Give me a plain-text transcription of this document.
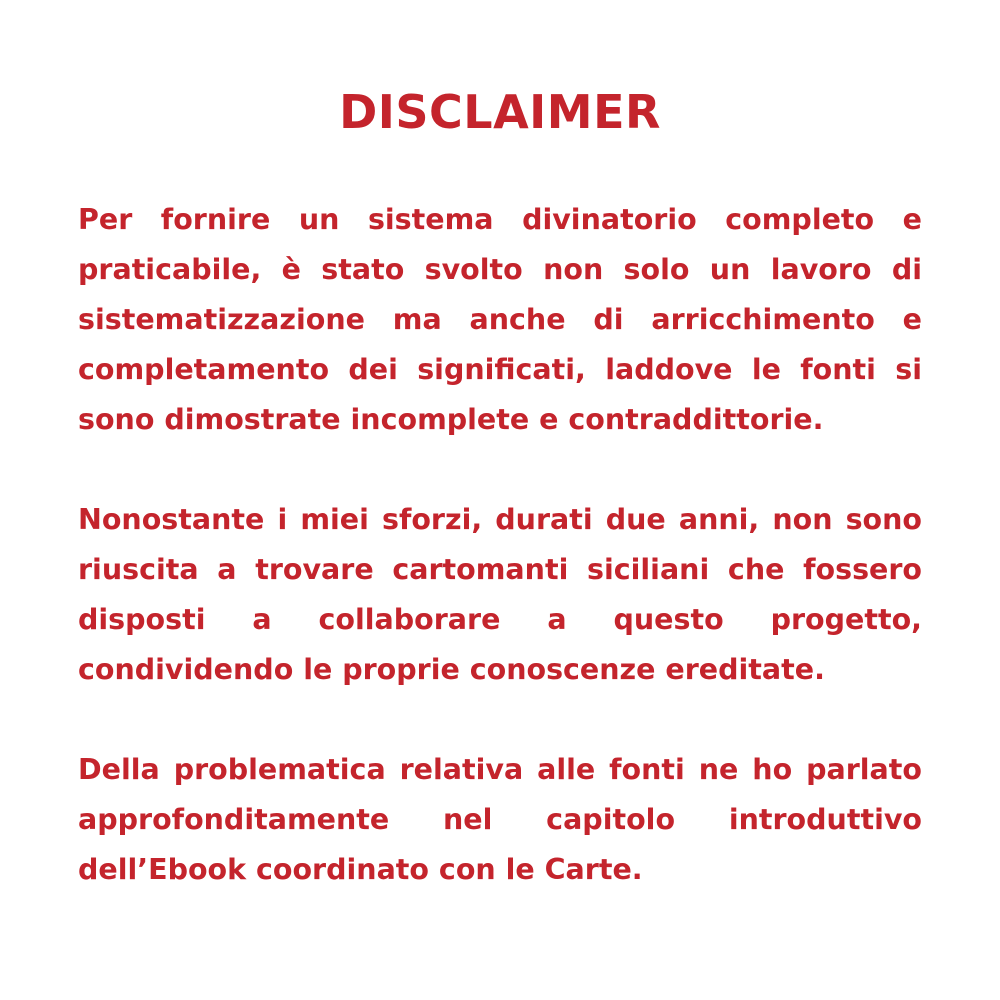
DISCLAIMER

Per fornire un sistema divinatorio completo e praticabile, è stato svolto non solo un lavoro di sistematizzazione ma anche di arricchimento e completamento dei significati, laddove le fonti si sono dimostrate incomplete e contraddittorie.

Nonostante i miei sforzi, durati due anni, non sono riuscita a trovare cartomanti siciliani che fossero disposti a collaborare a questo progetto, condividendo le proprie conoscenze ereditate.

Della problematica relativa alle fonti ne ho parlato approfonditamente nel capitolo introduttivo dell’Ebook coordinato con le Carte.
